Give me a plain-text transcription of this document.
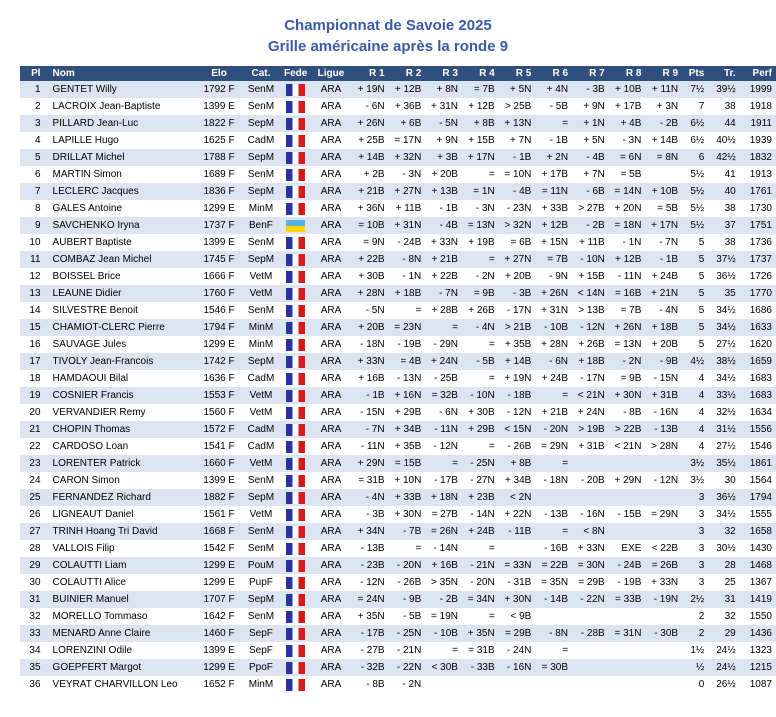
Championnat de Savoie 2025
Grille américaine après la ronde 9
Pl	Nom	Elo	Cat.	Fede	Ligue	R 1	R 2	R 3	R 4	R 5	R 6	R 7	R 8	R 9	Pts	Tr.	Perf
1	GENTET Willy	1792 F	SenM		ARA	+ 19N	+ 12B	+ 8N	= 7B	+ 5N	+ 4N	- 3B	+ 10B	+ 11N	7½	39½	1999
2	LACROIX Jean-Baptiste	1399 E	SenM		ARA	- 6N	+ 36B	+ 31N	+ 12B	> 25B	- 5B	+ 9N	+ 17B	+ 3N	7	38	1918
3	PILLARD Jean-Luc	1822 F	SepM		ARA	+ 26N	+ 6B	- 5N	+ 8B	+ 13N	=	+ 1N	+ 4B	- 2B	6½	44	1911
4	LAPILLE Hugo	1625 F	CadM		ARA	+ 25B	= 17N	+ 9N	+ 15B	+ 7N	- 1B	+ 5N	- 3N	+ 14B	6½	40½	1939
5	DRILLAT Michel	1788 F	SepM		ARA	+ 14B	+ 32N	+ 3B	+ 17N	- 1B	+ 2N	- 4B	= 6N	= 8N	6	42½	1832
6	MARTIN Simon	1689 F	SenM		ARA	+ 2B	- 3N	+ 20B	=	= 10N	+ 17B	+ 7N	= 5B		5½	41	1913
7	LECLERC Jacques	1836 F	SepM		ARA	+ 21B	+ 27N	+ 13B	= 1N	- 4B	= 11N	- 6B	= 14N	+ 10B	5½	40	1761
8	GALES Antoine	1299 E	MinM		ARA	+ 36N	+ 11B	- 1B	- 3N	- 23N	+ 33B	> 27B	+ 20N	= 5B	5½	38	1730
9	SAVCHENKO Iryna	1737 F	BenF		ARA	= 10B	+ 31N	- 4B	= 13N	> 32N	+ 12B	- 2B	= 18N	+ 17N	5½	37	1751
10	AUBERT Baptiste	1399 E	SenM		ARA	= 9N	- 24B	+ 33N	+ 19B	= 6B	+ 15N	+ 11B	- 1N	- 7N	5	38	1736
11	COMBAZ Jean Michel	1745 F	SepM		ARA	+ 22B	- 8N	+ 21B	=	+ 27N	= 7B	- 10N	+ 12B	- 1B	5	37½	1737
12	BOISSEL Brice	1666 F	VetM		ARA	+ 30B	- 1N	+ 22B	- 2N	+ 20B	- 9N	+ 15B	- 11N	+ 24B	5	36½	1726
13	LEAUNE Didier	1760 F	VetM		ARA	+ 28N	+ 18B	- 7N	= 9B	- 3B	+ 26N	< 14N	= 16B	+ 21N	5	35	1770
14	SILVESTRE Benoit	1546 F	SenM		ARA	- 5N	=	+ 28B	+ 26B	- 17N	+ 31N	> 13B	= 7B	- 4N	5	34½	1686
15	CHAMIOT-CLERC Pierre	1794 F	MinM		ARA	+ 20B	= 23N	=	- 4N	> 21B	- 10B	- 12N	+ 26N	+ 18B	5	34½	1633
16	SAUVAGE Jules	1299 E	MinM		ARA	- 18N	- 19B	- 29N	=	+ 35B	+ 28N	+ 26B	= 13N	+ 20B	5	27½	1620
17	TIVOLY Jean-Francois	1742 F	SepM		ARA	+ 33N	= 4B	+ 24N	- 5B	+ 14B	- 6N	+ 18B	- 2N	- 9B	4½	38½	1659
18	HAMDAOUI Bilal	1636 F	CadM		ARA	+ 16B	- 13N	- 25B	=	+ 19N	+ 24B	- 17N	= 9B	- 15N	4	34½	1683
19	COSNIER Francis	1553 F	VetM		ARA	- 1B	+ 16N	= 32B	- 10N	- 18B	=	< 21N	+ 30N	+ 31B	4	33½	1683
20	VERVANDIER Remy	1560 F	VetM		ARA	- 15N	+ 29B	- 6N	+ 30B	- 12N	+ 21B	+ 24N	- 8B	- 16N	4	32½	1634
21	CHOPIN Thomas	1572 F	CadM		ARA	- 7N	+ 34B	- 11N	+ 29B	< 15N	- 20N	> 19B	> 22B	- 13B	4	31½	1556
22	CARDOSO Loan	1541 F	CadM		ARA	- 11N	+ 35B	- 12N	=	- 26B	= 29N	+ 31B	< 21N	> 28N	4	27½	1546
23	LORENTER Patrick	1660 F	VetM		ARA	+ 29N	= 15B	=	- 25N	+ 8B	=				3½	35½	1861
24	CARON Simon	1399 E	SenM		ARA	= 31B	+ 10N	- 17B	- 27N	+ 34B	- 18N	- 20B	+ 29N	- 12N	3½	30	1564
25	FERNANDEZ Richard	1882 F	SepM		ARA	- 4N	+ 33B	+ 18N	+ 23B	< 2N					3	36½	1794
26	LIGNEAUT Daniel	1561 F	VetM		ARA	- 3B	+ 30N	= 27B	- 14N	+ 22N	- 13B	- 16N	- 15B	= 29N	3	34½	1555
27	TRINH Hoang Tri David	1668 F	SenM		ARA	+ 34N	- 7B	= 26N	+ 24B	- 11B	=	< 8N			3	32	1658
28	VALLOIS Filip	1542 F	SenM		ARA	- 13B	=	- 14N	=		- 16B	+ 33N	EXE	< 22B	3	30½	1430
29	COLAUTTI Liam	1299 E	PouM		ARA	- 23B	- 20N	+ 16B	- 21N	= 33N	= 22B	= 30N	- 24B	= 26B	3	28	1468
30	COLAUTTI Alice	1299 E	PupF		ARA	- 12N	- 26B	> 35N	- 20N	- 31B	= 35N	= 29B	- 19B	+ 33N	3	25	1367
31	BUINIER Manuel	1707 F	SepM		ARA	= 24N	- 9B	- 2B	= 34N	+ 30N	- 14B	- 22N	= 33B	- 19N	2½	31	1419
32	MORELLO Tommaso	1642 F	SenM		ARA	+ 35N	- 5B	= 19N	=	< 9B					2	32	1550
33	MENARD Anne Claire	1460 F	SepF		ARA	- 17B	- 25N	- 10B	+ 35N	= 29B	- 8N	- 28B	= 31N	- 30B	2	29	1436
34	LORENZINI Odile	1399 E	SepF		ARA	- 27B	- 21N	=	= 31B	- 24N	=				1½	24½	1323
35	GOEPFERT Margot	1299 E	PpoF		ARA	- 32B	- 22N	< 30B	- 33B	- 16N	= 30B				½	24½	1215
36	VEYRAT CHARVILLON Leo	1652 F	MinM		ARA	- 8B	- 2N								0	26½	1087
